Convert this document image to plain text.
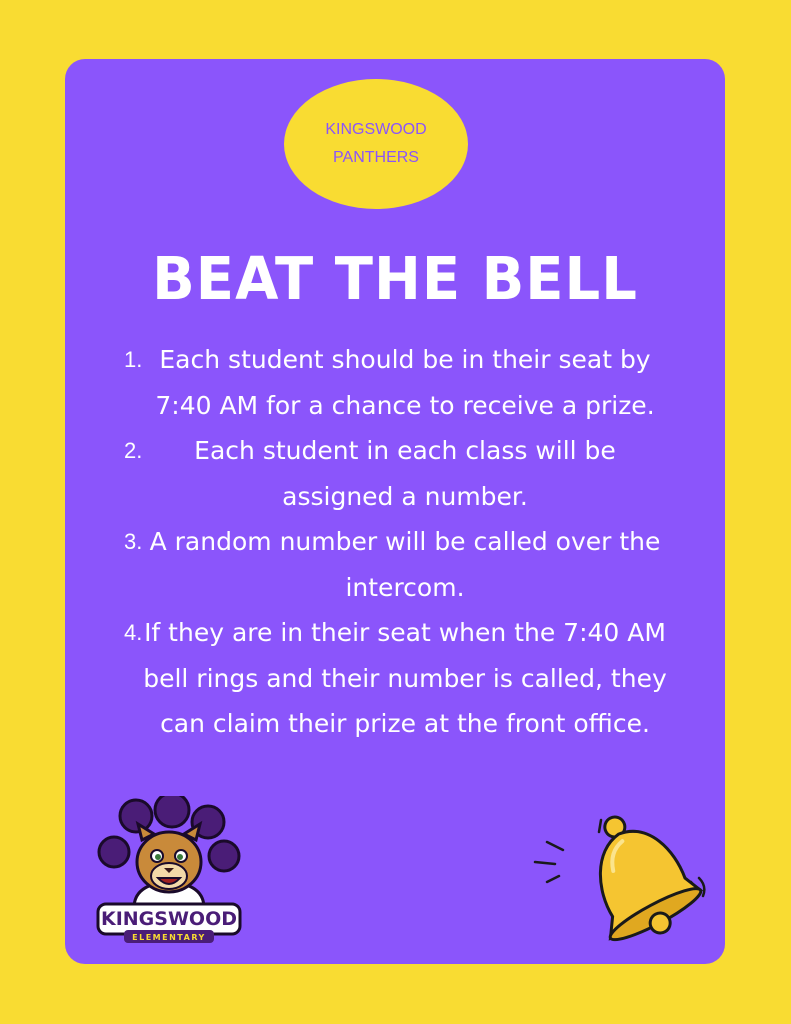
KINGSWOOD
PANTHERS
BEAT THE BELL
1. Each student should be in their seat by 7:40 AM for a chance to receive a prize.
2. Each student in each class will be assigned a number.
3. A random number will be called over the intercom.
4. If they are in their seat when the 7:40 AM bell rings and their number is called, they can claim their prize at the front office.
KINGSWOOD
ELEMENTARY
